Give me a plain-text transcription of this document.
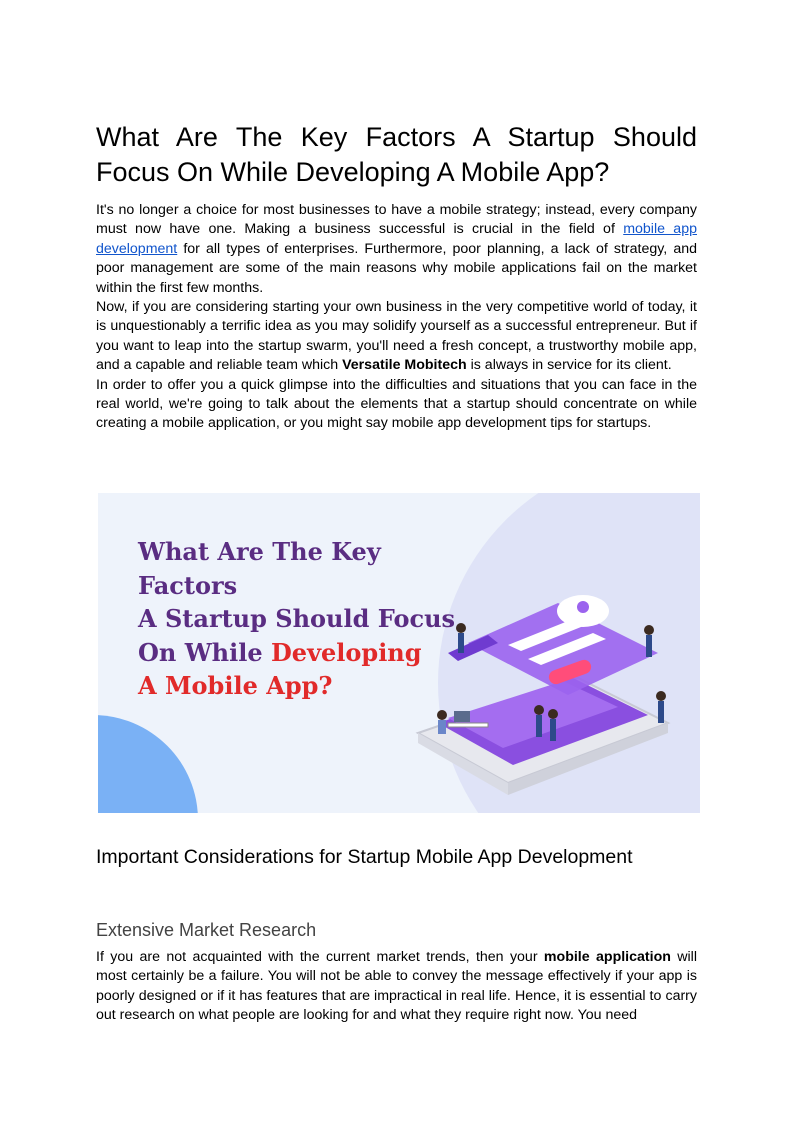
What Are The Key Factors A Startup Should
Focus On While Developing A Mobile App?

It's no longer a choice for most businesses to have a mobile strategy; instead, every company must now have one. Making a business successful is crucial in the field of mobile app development for all types of enterprises. Furthermore, poor planning, a lack of strategy, and poor management are some of the main reasons why mobile applications fail on the market within the first few months.

Now, if you are considering starting your own business in the very competitive world of today, it is unquestionably a terrific idea as you may solidify yourself as a successful entrepreneur. But if you want to leap into the startup swarm, you'll need a fresh concept, a trustworthy mobile app, and a capable and reliable team which Versatile Mobitech is always in service for its client.

In order to offer you a quick glimpse into the difficulties and situations that you can face in the real world, we're going to talk about the elements that a startup should concentrate on while creating a mobile application, or you might say mobile app development tips for startups.

Important Considerations for Startup Mobile App Development
Extensive Market Research
If you are not acquainted with the current market trends, then your mobile application will most certainly be a failure. You will not be able to convey the message effectively if your app is poorly designed or if it has features that are impractical in real life. Hence, it is essential to carry out research on what people are looking for and what they require right now. You need
What Are The Key Factors
A Startup Should Focus
On While Developing
A Mobile App?
